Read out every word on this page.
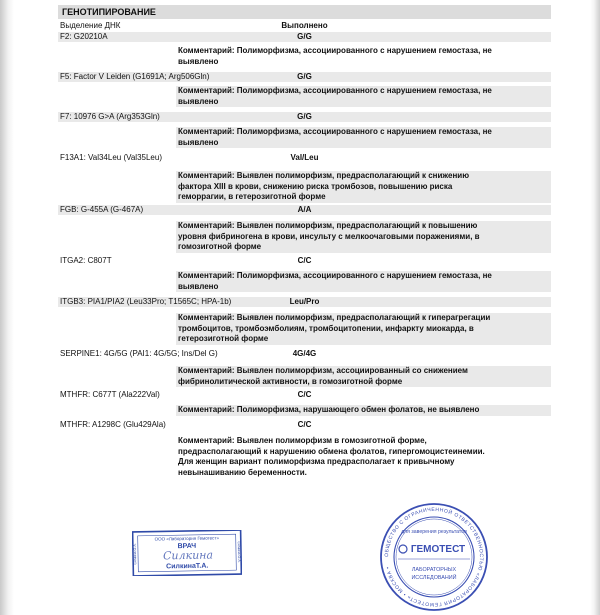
ГЕНОТИПИРОВАНИЕ
Выделение ДНК	Выполнено
F2: G20210A	G/G
Комментарий: Полиморфизма, ассоциированного с нарушением гемостаза, не
выявлено
F5: Factor V Leiden (G1691A; Arg506Gln)	G/G
Комментарий: Полиморфизма, ассоциированного с нарушением гемостаза, не
выявлено
F7: 10976 G>A (Arg353Gln)	G/G
Комментарий: Полиморфизма, ассоциированного с нарушением гемостаза, не
выявлено
F13A1: Val34Leu (Val35Leu)	Val/Leu
Комментарий: Выявлен полиморфизм, предрасполагающий к снижению
фактора XIII в крови, снижению риска тромбозов, повышению риска
геморрагии, в гетерозиготной форме
FGB: G-455A (G-467A)	A/A
Комментарий: Выявлен полиморфизм, предрасполагающий к повышению
уровня фибриногена в крови, инсульту с мелкоочаговыми поражениями, в
гомозиготной форме
ITGA2: C807T	C/C
Комментарий: Полиморфизма, ассоциированного с нарушением гемостаза, не
выявлено
ITGB3: PIA1/PIA2 (Leu33Pro; T1565C; HPA-1b)	Leu/Pro
Комментарий: Выявлен полиморфизм, предрасполагающий к гиперагрегации
тромбоцитов, тромбоэмболиям, тромбоцитопении, инфаркту миокарда, в
гетерозиготной форме
SERPINE1: 4G/5G (PAI1: 4G/5G; Ins/Del G)	4G/4G
Комментарий: Выявлен полиморфизм, ассоциированный со снижением
фибринолитической активности, в гомозиготной форме
MTHFR: C677T (Ala222Val)	C/C
Комментарий: Полиморфизма, нарушающего обмен фолатов, не выявлено
MTHFR: A1298C (Glu429Ala)	C/C
Комментарий: Выявлен полиморфизм в гомозиготной форме,
предрасполагающий к нарушению обмена фолатов, гипергомоцистеинемии.
Для женщин вариант полиморфизма предрасполагает к привычному
невынашиванию беременности.
ООО «Лаборатория Гемотест»
ВРАЧ
Силкина
СилкинаТ.А.
Сёмина О.А.	Сёмина О.А.	ОБЩЕСТВО С ОГРАНИЧЕННОЙ ОТВЕТСТВЕННОСТЬЮ «ЛАБОРАТОРИЯ ГЕМОТЕСТ» • МОСКВА •
для заверения результатов
ГЕМОТЕСТ
ЛАБОРАТОРНЫХ
ИССЛЕДОВАНИЙ
